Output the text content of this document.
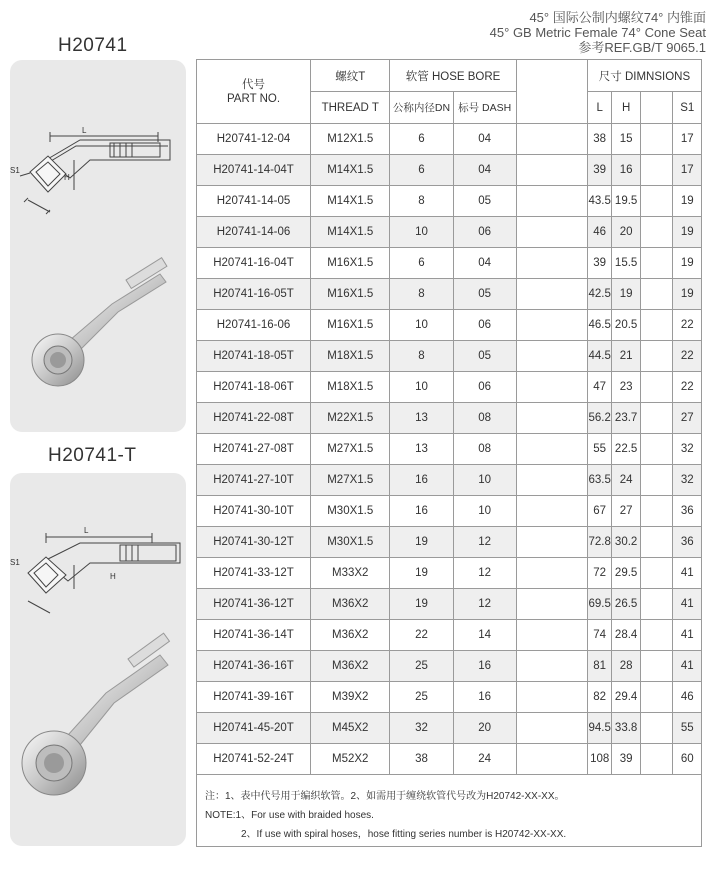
45° 国际公制内螺纹74° 内锥面
45° GB Metric Female 74° Cone Seat
参考REF.GB/T 9065.1
H20741
H20741-T
L
H
S1
L
H
S1
代号
PART NO.	螺纹T	软管 HOSE BORE			尺寸 DIMNSIONS			
	THREAD T	公称内径DN	标号 DASH		L	H		S1
H20741-12-04	M12X1.5	6	04		38	15		17
H20741-14-04T	M14X1.5	6	04		39	16		17
H20741-14-05	M14X1.5	8	05		43.5	19.5		19
H20741-14-06	M14X1.5	10	06		46	20		19
H20741-16-04T	M16X1.5	6	04		39	15.5		19
H20741-16-05T	M16X1.5	8	05		42.5	19		19
H20741-16-06	M16X1.5	10	06		46.5	20.5		22
H20741-18-05T	M18X1.5	8	05		44.5	21		22
H20741-18-06T	M18X1.5	10	06		47	23		22
H20741-22-08T	M22X1.5	13	08		56.2	23.7		27
H20741-27-08T	M27X1.5	13	08		55	22.5		32
H20741-27-10T	M27X1.5	16	10		63.5	24		32
H20741-30-10T	M30X1.5	16	10		67	27		36
H20741-30-12T	M30X1.5	19	12		72.8	30.2		36
H20741-33-12T	M33X2	19	12		72	29.5		41
H20741-36-12T	M36X2	19	12		69.5	26.5		41
H20741-36-14T	M36X2	22	14		74	28.4		41
H20741-36-16T	M36X2	25	16		81	28		41
H20741-39-16T	M39X2	25	16		82	29.4		46
H20741-45-20T	M45X2	32	20		94.5	33.8		55
H20741-52-24T	M52X2	38	24		108	39		60
注：1、表中代号用于编织软管。2、如需用于缠绕软管代号改为H20742-XX-XX。
NOTE:1、For use with braided hoses.
2、If use with spiral hoses，hose fitting series number is H20742-XX-XX.
